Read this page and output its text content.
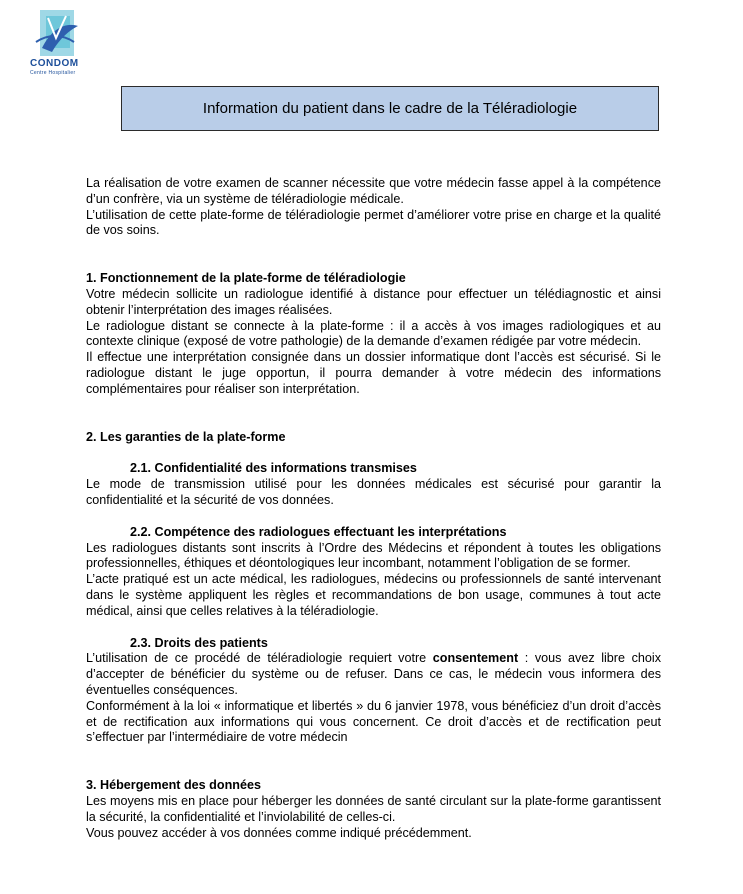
CONDOM
Centre Hospitalier
Information du patient dans le cadre de la Téléradiologie

La réalisation de votre examen de scanner nécessite que votre médecin fasse appel à la compétence d’un confrère, via un système de téléradiologie médicale.

L’utilisation de cette plate-forme de téléradiologie permet d’améliorer votre prise en charge et la qualité de vos soins.

1. Fonctionnement de la plate-forme de téléradiologie

Votre médecin sollicite un radiologue identifié à distance pour effectuer un télédiagnostic et ainsi obtenir l’interprétation des images réalisées.

Le radiologue distant se connecte à la plate-forme : il a accès à vos images radiologiques et au contexte clinique (exposé de votre pathologie) de la demande d’examen rédigée par votre médecin.

Il effectue une interprétation consignée dans un dossier informatique dont l’accès est sécurisé. Si le radiologue distant le juge opportun, il pourra demander à votre médecin des informations complémentaires pour réaliser son interprétation.

2. Les garanties de la plate-forme

2.1. Confidentialité des informations transmises

Le mode de transmission utilisé pour les données médicales est sécurisé pour garantir la confidentialité et la sécurité de vos données.

2.2. Compétence des radiologues effectuant les interprétations

Les radiologues distants sont inscrits à l’Ordre des Médecins et répondent à toutes les obligations professionnelles, éthiques et déontologiques leur incombant, notamment l’obligation de se former.

L’acte pratiqué est un acte médical, les radiologues, médecins ou professionnels de santé intervenant dans le système appliquent les règles et recommandations de bon usage, communes à tout acte médical, ainsi que celles relatives à la téléradiologie.

2.3. Droits des patients

L’utilisation de ce procédé de téléradiologie requiert votre consentement : vous avez libre choix d’accepter de bénéficier du système ou de refuser. Dans ce cas, le médecin vous informera des éventuelles conséquences.

Conformément à la loi « informatique et libertés » du 6 janvier 1978, vous bénéficiez d’un droit d’accès et de rectification aux informations qui vous concernent. Ce droit d’accès et de rectification peut s’effectuer par l’intermédiaire de votre médecin

3. Hébergement des données

Les moyens mis en place pour héberger les données de santé circulant sur la plate-forme garantissent la sécurité, la confidentialité et l’inviolabilité de celles-ci.

Vous pouvez accéder à vos données comme indiqué précédemment.
